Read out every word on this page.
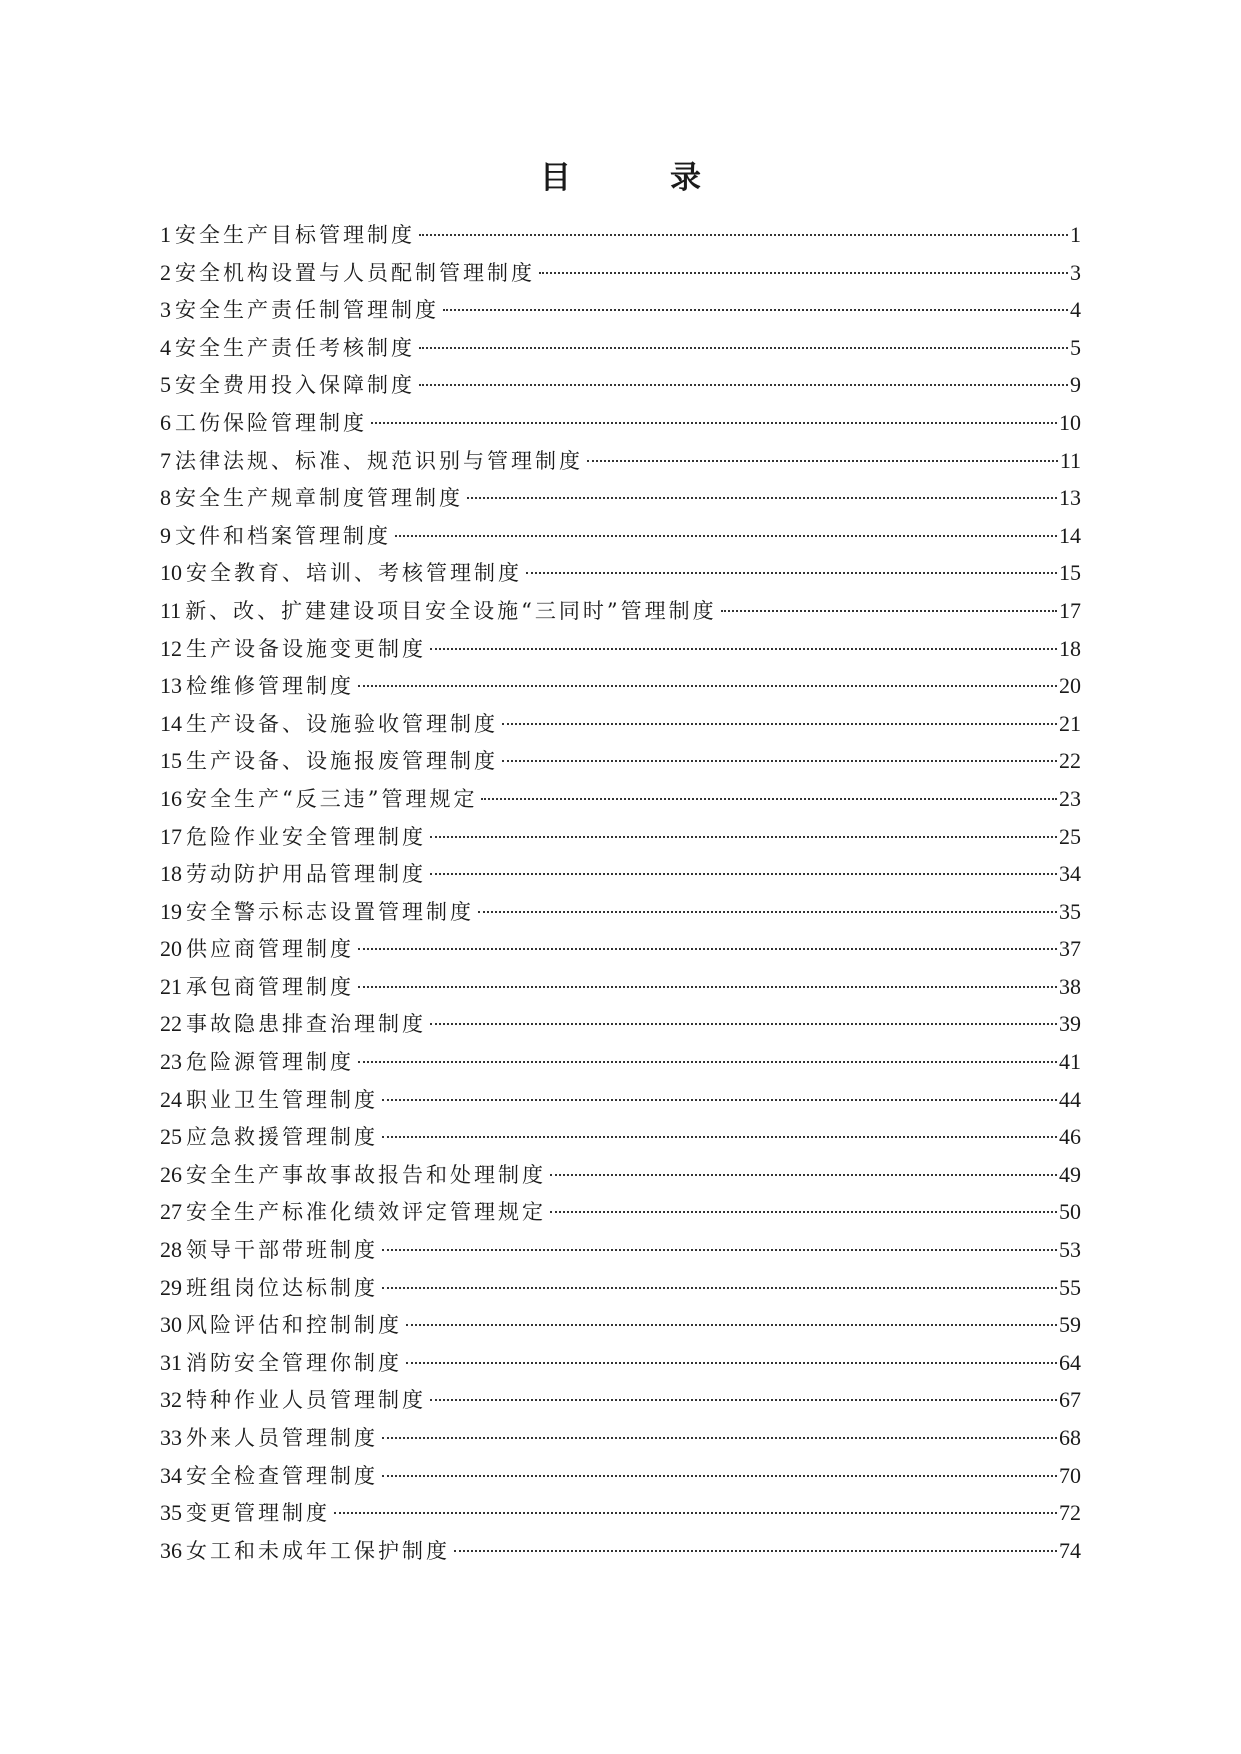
目　录
1 安全生产目标管理制度	1
2 安全机构设置与人员配制管理制度	3
3 安全生产责任制管理制度	4
4 安全生产责任考核制度	5
5 安全费用投入保障制度	9
6 工伤保险管理制度	10
7 法律法规、标准、规范识别与管理制度	11
8 安全生产规章制度管理制度	13
9 文件和档案管理制度	14
10 安全教育、培训、考核管理制度	15
11 新、改、扩建建设项目安全设施“三同时”管理制度	17
12 生产设备设施变更制度	18
13 检维修管理制度	20
14 生产设备、设施验收管理制度	21
15 生产设备、设施报废管理制度	22
16 安全生产“反三违”管理规定	23
17 危险作业安全管理制度	25
18 劳动防护用品管理制度	34
19 安全警示标志设置管理制度	35
20 供应商管理制度	37
21 承包商管理制度	38
22 事故隐患排查治理制度	39
23 危险源管理制度	41
24 职业卫生管理制度	44
25 应急救援管理制度	46
26 安全生产事故事故报告和处理制度	49
27 安全生产标准化绩效评定管理规定	50
28 领导干部带班制度	53
29 班组岗位达标制度	55
30 风险评估和控制制度	59
31 消防安全管理你制度	64
32 特种作业人员管理制度	67
33 外来人员管理制度	68
34 安全检查管理制度	70
35 变更管理制度	72
36 女工和未成年工保护制度	74
